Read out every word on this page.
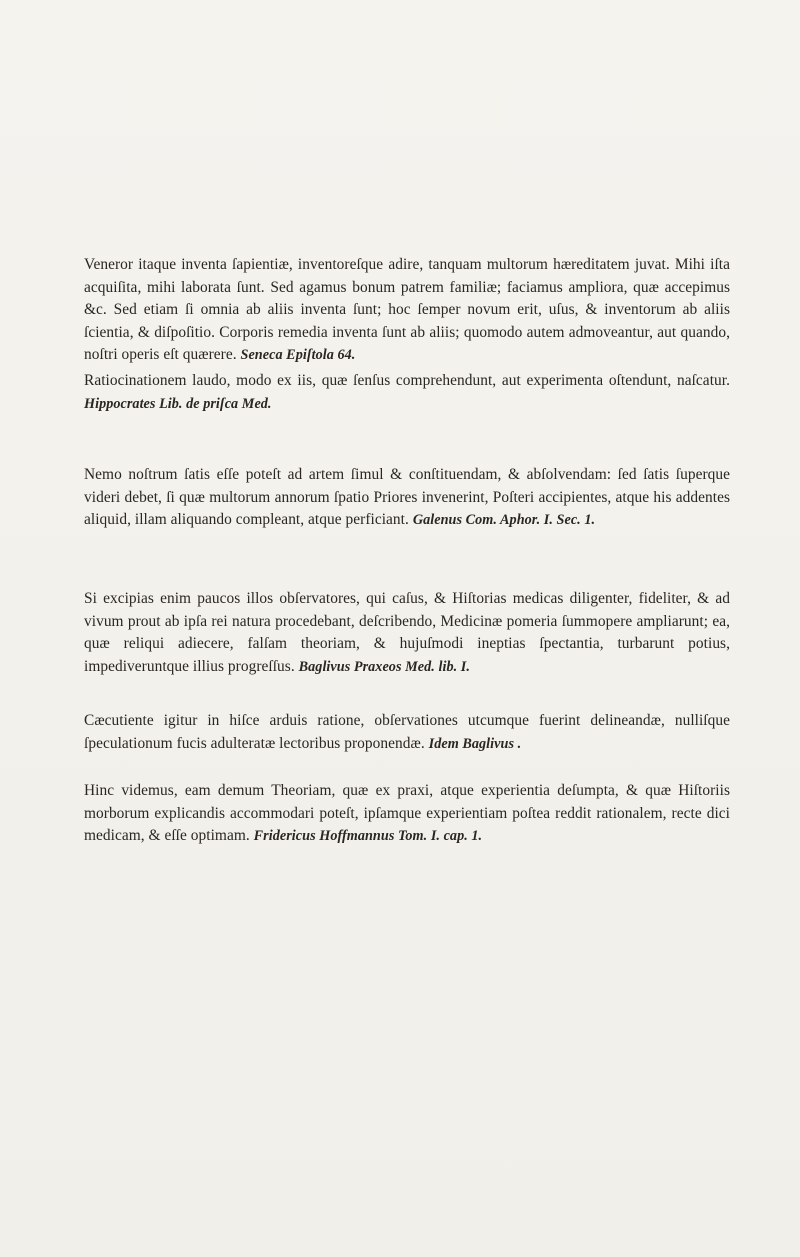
Veneror itaque inventa ſapientiæ, inventoreſque adire, tanquam multorum hæreditatem juvat. Mihi iſta acquiſita, mihi laborata ſunt. Sed agamus bonum patrem familiæ; faciamus ampliora, quæ accepimus &c. Sed etiam ſi omnia ab aliis inventa ſunt; hoc ſemper novum erit, uſus, & inventorum ab aliis ſcientia, & diſpoſitio. Corporis remedia inventa ſunt ab aliis; quomodo autem admoveantur, aut quando, noſtri operis eſt quærere. Seneca Epiſtola 64.
Ratiocinationem laudo, modo ex iis, quæ ſenſus comprehendunt, aut experimenta oſtendunt, naſcatur.Hippocrates Lib. de priſca Med.
Nemo noſtrum ſatis eſſe poteſt ad artem ſimul & conſtituendam, & abſolvendam: ſed ſatis ſuperque videri debet, ſi quæ multorum annorum ſpatio Priores invenerint, Poſteri accipientes, atque his addentes aliquid, illam aliquando compleant, atque perficiant. Galenus Com. Aphor. I. Sec. 1.
Si excipias enim paucos illos obſervatores, qui caſus, & Hiſtorias medicas diligenter, fideliter, & ad vivum prout ab ipſa rei natura procedebant, deſcribendo, Medicinæ pomeria ſummopere ampliarunt; ea, quæ reliqui adiecere, falſam theoriam, & hujuſmodi ineptias ſpectantia, turbarunt potius, impediveruntque illius progreſſus. Baglivus Praxeos Med. lib. I.
Cæcutiente igitur in hiſce arduis ratione, obſervationes utcumque fuerint delineandæ, nulliſque ſpeculationum fucis adulteratæ lectoribus proponendæ. Idem Baglivus .
Hinc videmus, eam demum Theoriam, quæ ex praxi, atque experientia deſumpta, & quæ Hiſtoriis morborum explicandis accommodari poteſt, ipſamque experientiam poſtea reddit rationalem, recte dici medicam, & eſſe optimam. Fridericus Hoffmannus Tom. I. cap. 1.
